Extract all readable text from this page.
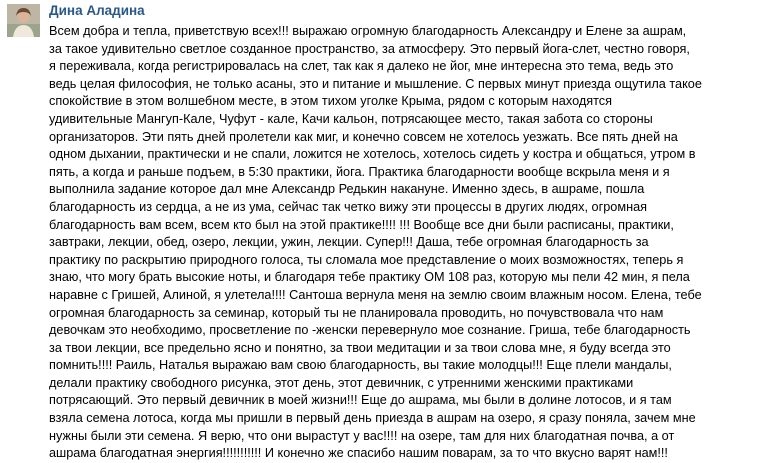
Дина Аладина

Всем добра и тепла, приветствую всех!!! выражаю огромную благодарность Александру и Елене за ашрам,
за такое удивительно светлое созданное пространство, за атмосферу. Это первый йога-слет, честно говоря,
я переживала, когда регистрировалась на слет, так как я далеко не йог, мне интересна это тема, ведь это
ведь целая философия, не только асаны, это и питание и мышление. С первых минут приезда ощутила такое
спокойствие в этом волшебном месте, в этом тихом уголке Крыма, рядом с которым находятся
удивительные Мангуп-Кале, Чуфут - кале, Качи кальон, потрясающее место, такая забота со стороны
организаторов. Эти пять дней пролетели как миг, и конечно совсем не хотелось уезжать. Все пять дней на
одном дыхании, практически и не спали, ложится не хотелось, хотелось сидеть у костра и общаться, утром в
пять, а когда и раньше подъем, в 5:30 практики, йога. Практика благодарности вообще вскрыла меня и я
выполнила задание которое дал мне Александр Редькин накануне. Именно здесь, в ашраме, пошла
благодарность из сердца, а не из ума, сейчас так четко вижу эти процессы в других людях, огромная
благодарность вам всем, всем кто был на этой практике!!!! !!! Вообще все дни были расписаны, практики,
завтраки, лекции, обед, озеро, лекции, ужин, лекции. Супер!!! Даша, тебе огромная благодарность за
практику по раскрытию природного голоса, ты сломала мое представление о моих возможностях, теперь я
знаю, что могу брать высокие ноты, и благодаря тебе практику ОМ 108 раз, которую мы пели 42 мин, я пела
наравне с Гришей, Алиной, я улетела!!!! Сантоша вернула меня на землю своим влажным носом. Елена, тебе
огромная благодарность за семинар, который ты не планировала проводить, но почувствовала что нам
девочкам это необходимо, просветление по -женски перевернуло мое сознание. Гриша, тебе благодарность
за твои лекции, все предельно ясно и понятно, за твои медитации и за твои слова мне, я буду всегда это
помнить!!!! Раиль, Наталья выражаю вам свою благодарность, вы такие молодцы!!! Еще плели мандалы,
делали практику свободного рисунка, этот день, этот девичник, с утренними женскими практиками
потрясающий. Это первый девичник в моей жизни!!! Еще до ашрама, мы были в долине лотосов, и я там
взяла семена лотоса, когда мы пришли в первый день приезда в ашрам на озеро, я сразу поняла, зачем мне
нужны были эти семена. Я верю, что они вырастут у вас!!!! на озере, там для них благодатная почва, а от
ашрама благодатная энергия!!!!!!!!!!! И конечно же спасибо нашим поварам, за то что вкусно варят нам!!!
